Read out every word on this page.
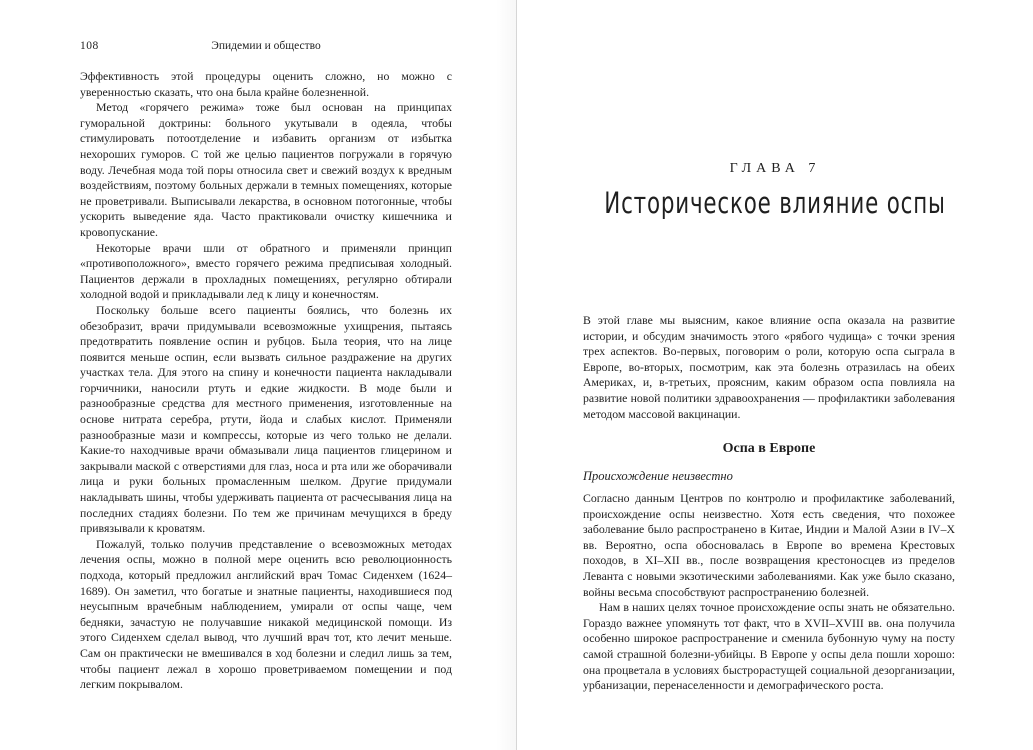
108	Эпидемии и общество

Эффективность этой процедуры оценить сложно, но можно с уверенностью сказать, что она была крайне болезненной.

Метод «горячего режима» тоже был основан на принципах гуморальной доктрины: больного укутывали в одеяла, чтобы стимулировать потоотделение и избавить организм от избытка нехороших гуморов. С той же целью пациентов погружали в горячую воду. Лечебная мода той поры относила свет и свежий воздух к вредным воздействиям, поэтому больных держали в темных помещениях, которые не проветривали. Выписывали лекарства, в основном потогонные, чтобы ускорить выведение яда. Часто практиковали очистку кишечника и кровопускание.

Некоторые врачи шли от обратного и применяли принцип «противоположного», вместо горячего режима предписывая холодный. Пациентов держали в прохладных помещениях, регулярно обтирали холодной водой и прикладывали лед к лицу и конечностям.

Поскольку больше всего пациенты боялись, что болезнь их обезобразит, врачи придумывали всевозможные ухищрения, пытаясь предотвратить появление оспин и рубцов. Была теория, что на лице появится меньше оспин, если вызвать сильное раздражение на других участках тела. Для этого на спину и конечности пациента накладывали горчичники, наносили ртуть и едкие жидкости. В моде были и разнообразные средства для местного применения, изготовленные на основе нитрата серебра, ртути, йода и слабых кислот. Применяли разнообразные мази и компрессы, которые из чего только не делали. Какие-то находчивые врачи обмазывали лица пациентов глицерином и закрывали маской с отверстиями для глаз, носа и рта или же оборачивали лица и руки больных промасленным шелком. Другие придумали накладывать шины, чтобы удерживать пациента от расчесывания лица на последних стадиях болезни. По тем же причинам мечущихся в бреду привязывали к кроватям.

Пожалуй, только получив представление о всевозможных методах лечения оспы, можно в полной мере оценить всю революционность подхода, который предложил английский врач Томас Сиденхем (1624–1689). Он заметил, что богатые и знатные пациенты, находившиеся под неусыпным врачебным наблюдением, умирали от оспы чаще, чем бедняки, зачастую не получавшие никакой медицинской помощи. Из этого Сиденхем сделал вывод, что лучший врач тот, кто лечит меньше. Сам он практически не вмешивался в ход болезни и следил лишь за тем, чтобы пациент лежал в хорошо проветриваемом помещении и под легким покрывалом.

ГЛАВА 7
Историческое влияние оспы

В этой главе мы выясним, какое влияние оспа оказала на развитие истории, и обсудим значимость этого «рябого чудища» с точки зрения трех аспектов. Во-первых, поговорим о роли, которую оспа сыграла в Европе, во-вторых, посмотрим, как эта болезнь отразилась на обеих Америках, и, в-третьих, проясним, каким образом оспа повлияла на развитие новой политики здравоохранения — профилактики заболевания методом массовой вакцинации.

Оспа в Европе
Происхождение неизвестно

Согласно данным Центров по контролю и профилактике заболеваний, происхождение оспы неизвестно. Хотя есть сведения, что похожее заболевание было распространено в Китае, Индии и Малой Азии в IV–X вв. Вероятно, оспа обосновалась в Европе во времена Крестовых походов, в XI–XII вв., после возвращения крестоносцев из пределов Леванта с новыми экзотическими заболеваниями. Как уже было сказано, войны весьма способствуют распространению болезней.

Нам в наших целях точное происхождение оспы знать не обязательно. Гораздо важнее упомянуть тот факт, что в XVII–XVIII вв. она получила особенно широкое распространение и сменила бубонную чуму на посту самой страшной болезни-убийцы. В Европе у оспы дела пошли хорошо: она процветала в условиях быстрорастущей социальной дезорганизации, урбанизации, перенаселенности и демографического роста.
